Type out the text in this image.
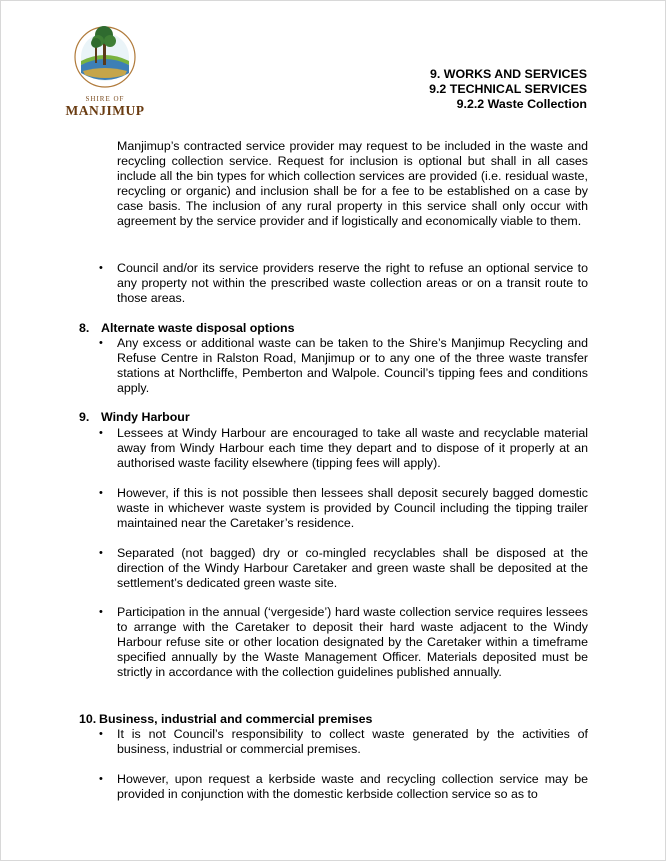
SHIRE OF
MANJIMUP
9. WORKS AND SERVICES
9.2 TECHNICAL SERVICES
9.2.2 Waste Collection

Manjimup’s contracted service provider may request to be included in the waste and recycling collection service. Request for inclusion is optional but shall in all cases include all the bin types for which collection services are provided (i.e. residual waste, recycling or organic) and inclusion shall be for a fee to be established on a case by case basis. The inclusion of any rural property in this service shall only occur with agreement by the service provider and if logistically and economically viable to them.

• Council and/or its service providers reserve the right to refuse an optional service to any property not within the prescribed waste collection areas or on a transit route to those areas.

8. Alternate waste disposal options
• Any excess or additional waste can be taken to the Shire’s Manjimup Recycling and Refuse Centre in Ralston Road, Manjimup or to any one of the three waste transfer stations at Northcliffe, Pemberton and Walpole. Council’s tipping fees and conditions apply.

9. Windy Harbour
• Lessees at Windy Harbour are encouraged to take all waste and recyclable material away from Windy Harbour each time they depart and to dispose of it properly at an authorised waste facility elsewhere (tipping fees will apply).

• However, if this is not possible then lessees shall deposit securely bagged domestic waste in whichever waste system is provided by Council including the tipping trailer maintained near the Caretaker’s residence.

• Separated (not bagged) dry or co-mingled recyclables shall be disposed at the direction of the Windy Harbour Caretaker and green waste shall be deposited at the settlement’s dedicated green waste site.

• Participation in the annual (‘vergeside’) hard waste collection service requires lessees to arrange with the Caretaker to deposit their hard waste adjacent to the Windy Harbour refuse site or other location designated by the Caretaker within a timeframe specified annually by the Waste Management Officer. Materials deposited must be strictly in accordance with the collection guidelines published annually.

10. Business, industrial and commercial premises
• It is not Council’s responsibility to collect waste generated by the activities of business, industrial or commercial premises.

• However, upon request a kerbside waste and recycling collection service may be provided in conjunction with the domestic kerbside collection service so as to
